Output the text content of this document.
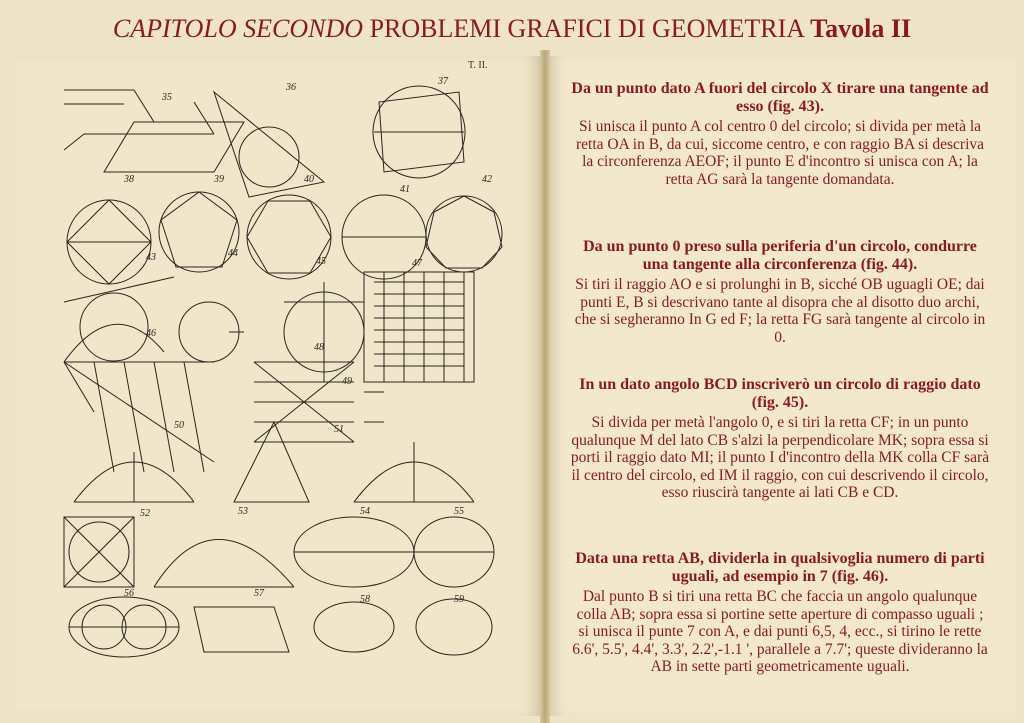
CAPITOLO SECONDO PROBLEMI GRAFICI DI GEOMETRIA Tavola II
T. II.
Da un punto dato A fuori del circolo X tirare una tangente ad esso (fig. 43).

Si unisca il punto A col centro 0 del circolo; si divida per metà la retta OA in B, da cui, siccome centro, e con raggio BA si descriva la circonferenza AEOF; il punto E d'incontro si unisca con A; la retta AG sarà la tangente domandata.

Da un punto 0 preso sulla periferia d'un circolo, condurre una tangente alla circonferenza (fig. 44).

Si tiri il raggio AO e si prolunghi in B, sicché OB uguagli OE; dai punti E, B si descrivano tante al disopra che al disotto duo archi, che si segheranno In G ed F; la retta FG sarà tangente al circolo in 0.

In un dato angolo BCD inscriverò un circolo di raggio dato (fig. 45).

Si divida per metà l'angolo 0, e si tiri la retta CF; in un punto qualunque M del lato CB s'alzi la perpendicolare MK; sopra essa si porti il raggio dato MI; il punto I d'incontro della MK colla CF sarà il centro del circolo, ed IM il raggio, con cui descrivendo il circolo, esso riuscirà tangente ai lati CB e CD.

Data una retta AB, dividerla in qualsivoglia numero di parti uguali, ad esempio in 7 (fig. 46).

Dal punto B si tiri una retta BC che faccia un angolo qualunque colla AB; sopra essa si portine sette aperture di compasso uguali ; si unisca il punte 7 con A, e dai punti 6,5, 4, ecc., si tirino le rette 6.6', 5.5', 4.4', 3.3', 2.2',-1.1 ', parallele a 7.7'; queste divideranno la AB in sette parti geometricamente uguali.

35
36
37
38	39	40
41
42
43	44
45
46
47
48
49
50	51
52	53	54	55
56	57
58	59
